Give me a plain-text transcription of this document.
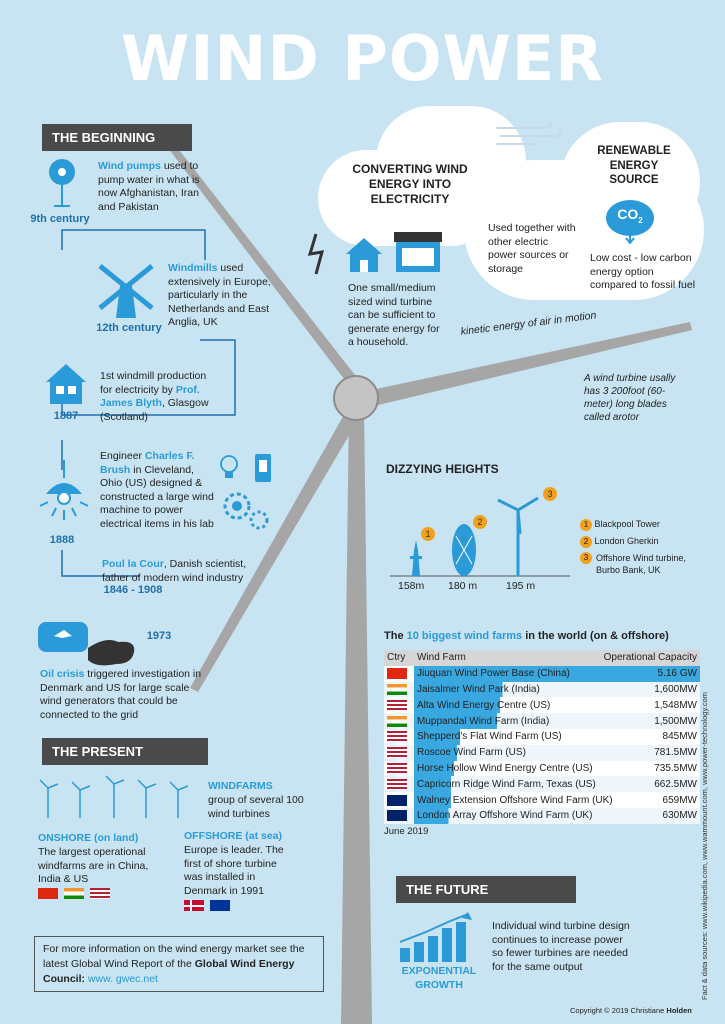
WIND POWER
THE BEGINNING
9th century
Wind pumps used to pump water in what is now Afghanistan, Iran and Pakistan
12th century
Windmills used extensively in Europe, particularly in the Netherlands and East Anglia, UK
1887
1st windmill production for electricity by Prof. James Blyth, Glasgow (Scotland)
1888
Engineer Charles F. Brush in Cleveland, Ohio (US) designed & constructed a large wind machine to power electrical items in his lab
Poul la Cour, Danish scientist, father of modern wind industry
1846 - 1908
1973
Oil crisis triggered investigation in Denmark and US for large scale wind generators that could be connected to the grid
CONVERTING WIND ENERGY INTO ELECTRICITY
Used together with other electric power sources or storage
RENEWABLE ENERGY SOURCE
$CO_2$
Low cost - low carbon energy option compared to fossil fuel
One small/medium sized wind turbine can be sufficient to generate energy for a household.
kinetic energy of air in motion
A wind turbine usally has 3 200foot (60-meter) long blades called arotor
DIZZYING HEIGHTS
1
2
3
158m	180 m	195 m
1 Blackpool Tower
2 London Gherkin
3 Offshore Wind turbine, Burbo Bank, UK
The 10 biggest wind farms in the world (on & offshore)
Ctry	Wind Farm	Operational Capacity

	Jiuquan Wind Power Base (China) 5.16 GW	

	Jaisalmer Wind Park (India) 1,600MW	

	Alta Wind Energy Centre (US) 1,548MW	

	Muppandal Wind Farm (India) 1,500MW	

	Shepperd's Flat Wind Farm (US) 845MW	

	Roscoe Wind Farm (US) 781.5MW	

	Horse Hollow Wind Energy Centre (US) 735.5MW	

	Capricorn Ridge Wind Farm, Texas (US) 662.5MW	

	Walney Extension Offshore Wind Farm (UK) 659MW	

	London Array Offshore Wind Farm (UK) 630MW	
June 2019	Fact & data sources: www.wikipedia.com, www.wammount.com, www.power-technology.com
THE PRESENT
WINDFARMS
group of several 100 wind turbines
ONSHORE (on land)
The largest operational windfarms are in China, India & US
OFFSHORE (at sea)
Europe is leader. The first of shore turbine was installed in Denmark in 1991
For more information on the wind energy market see the latest Global Wind Report of the Global Wind Energy Council: www. gwec.net
THE FUTURE
EXPONENTIAL GROWTH
Individual wind turbine design continues to increase power so fewer turbines are needed for the same output
Copyright © 2019 Christiane Holden
